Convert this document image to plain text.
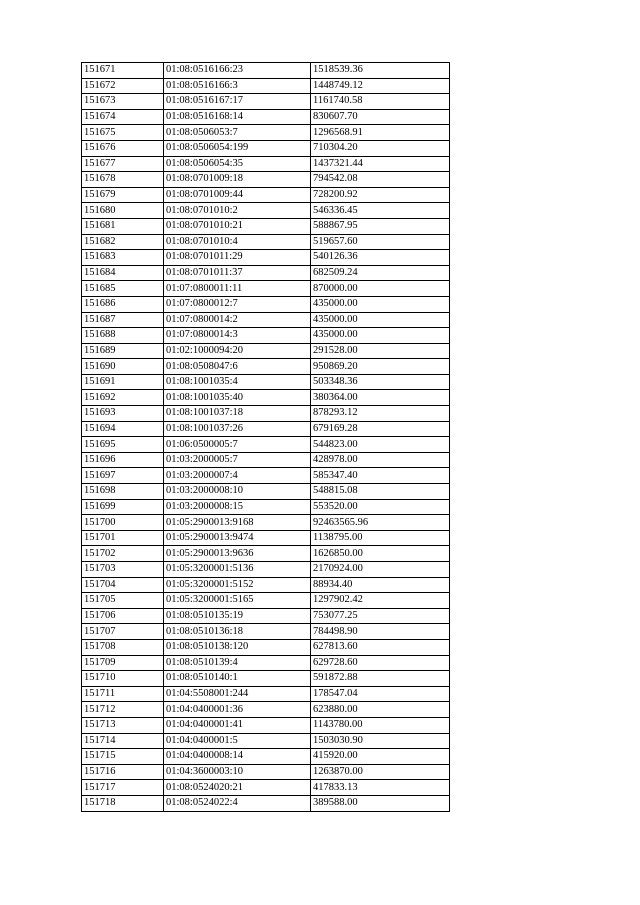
151671	01:08:0516166:23	1518539.36
151672	01:08:0516166:3	1448749.12
151673	01:08:0516167:17	1161740.58
151674	01:08:0516168:14	830607.70
151675	01:08:0506053:7	1296568.91
151676	01:08:0506054:199	710304.20
151677	01:08:0506054:35	1437321.44
151678	01:08:0701009:18	794542.08
151679	01:08:0701009:44	728200.92
151680	01:08:0701010:2	546336.45
151681	01:08:0701010:21	588867.95
151682	01:08:0701010:4	519657.60
151683	01:08:0701011:29	540126.36
151684	01:08:0701011:37	682509.24
151685	01:07:0800011:11	870000.00
151686	01:07:0800012:7	435000.00
151687	01:07:0800014:2	435000.00
151688	01:07:0800014:3	435000.00
151689	01:02:1000094:20	291528.00
151690	01:08:0508047:6	950869.20
151691	01:08:1001035:4	503348.36
151692	01:08:1001035:40	380364.00
151693	01:08:1001037:18	878293.12
151694	01:08:1001037:26	679169.28
151695	01:06:0500005:7	544823.00
151696	01:03:2000005:7	428978.00
151697	01:03:2000007:4	585347.40
151698	01:03:2000008:10	548815.08
151699	01:03:2000008:15	553520.00
151700	01:05:2900013:9168	92463565.96
151701	01:05:2900013:9474	1138795.00
151702	01:05:2900013:9636	1626850.00
151703	01:05:3200001:5136	2170924.00
151704	01:05:3200001:5152	88934.40
151705	01:05:3200001:5165	1297902.42
151706	01:08:0510135:19	753077.25
151707	01:08:0510136:18	784498.90
151708	01:08:0510138:120	627813.60
151709	01:08:0510139:4	629728.60
151710	01:08:0510140:1	591872.88
151711	01:04:5508001:244	178547.04
151712	01:04:0400001:36	623880.00
151713	01:04:0400001:41	1143780.00
151714	01:04:0400001:5	1503030.90
151715	01:04:0400008:14	415920.00
151716	01:04:3600003:10	1263870.00
151717	01:08:0524020:21	417833.13
151718	01:08:0524022:4	389588.00
